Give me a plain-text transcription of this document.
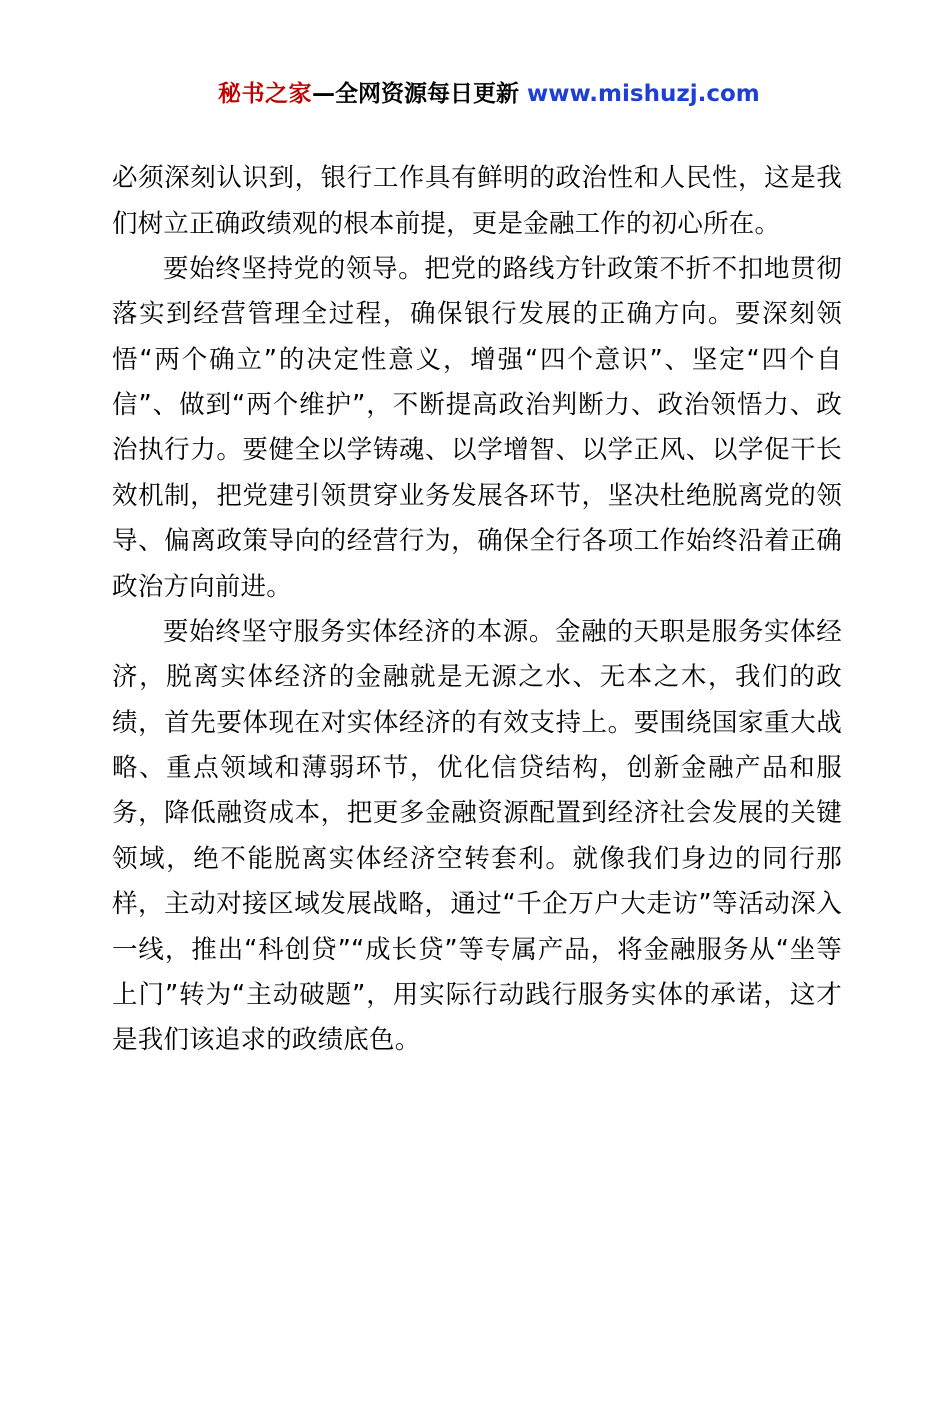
秘书之家—全网资源每日更新 www.mishuzj.com

必须深刻认识到，银行工作具有鲜明的政治性和人民性，这是我们树立正确政绩观的根本前提，更是金融工作的初心所在。

要始终坚持党的领导。把党的路线方针政策不折不扣地贯彻落实到经营管理全过程，确保银行发展的正确方向。要深刻领悟“两个确立”的决定性意义，增强“四个意识”、坚定“四个自信”、做到“两个维护”，不断提高政治判断力、政治领悟力、政治执行力。要健全以学铸魂、以学增智、以学正风、以学促干长效机制，把党建引领贯穿业务发展各环节，坚决杜绝脱离党的领导、偏离政策导向的经营行为，确保全行各项工作始终沿着正确政治方向前进。

要始终坚守服务实体经济的本源。金融的天职是服务实体经济，脱离实体经济的金融就是无源之水、无本之木，我们的政绩，首先要体现在对实体经济的有效支持上。要围绕国家重大战略、重点领域和薄弱环节，优化信贷结构，创新金融产品和服务，降低融资成本，把更多金融资源配置到经济社会发展的关键领域，绝不能脱离实体经济空转套利。就像我们身边的同行那样，主动对接区域发展战略，通过“千企万户大走访”等活动深入一线，推出“科创贷”“成长贷”等专属产品，将金融服务从“坐等上门”转为“主动破题”，用实际行动践行服务实体的承诺，这才是我们该追求的政绩底色。
